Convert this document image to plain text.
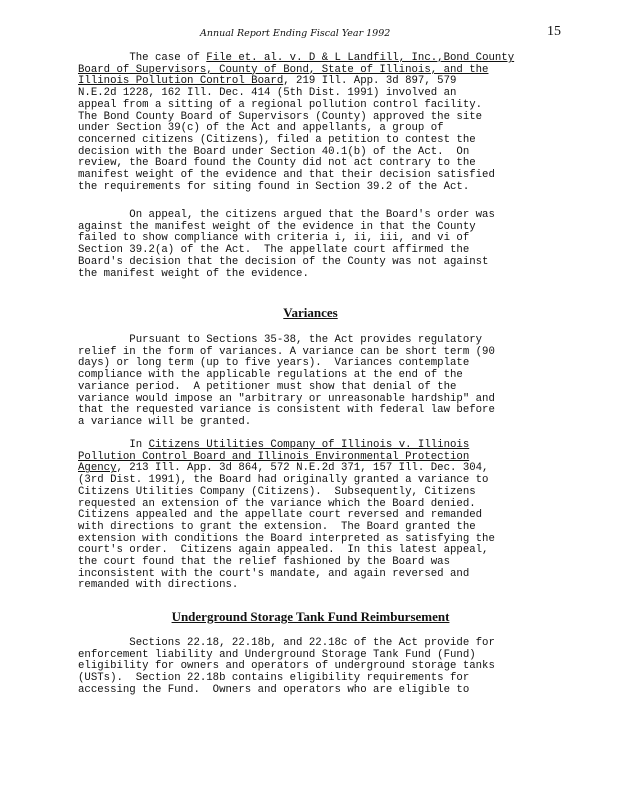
Annual Report Ending Fiscal Year 1992	15
The case of File et. al. v. D & L Landfill, Inc.,Bond County
Board of Supervisors, County of Bond, State of Illinois, and the
Illinois Pollution Control Board, 219 Ill. App. 3d 897, 579
N.E.2d 1228, 162 Ill. Dec. 414 (5th Dist. 1991) involved an
appeal from a sitting of a regional pollution control facility.
The Bond County Board of Supervisors (County) approved the site
under Section 39(c) of the Act and appellants, a group of
concerned citizens (Citizens), filed a petition to contest the
decision with the Board under Section 40.1(b) of the Act.  On
review, the Board found the County did not act contrary to the
manifest weight of the evidence and that their decision satisfied
the requirements for siting found in Section 39.2 of the Act.
On appeal, the citizens argued that the Board's order was
against the manifest weight of the evidence in that the County
failed to show compliance with criteria i, ii, iii, and vi of
Section 39.2(a) of the Act.  The appellate court affirmed the
Board's decision that the decision of the County was not against
the manifest weight of the evidence.
Variances
Pursuant to Sections 35-38, the Act provides regulatory
relief in the form of variances. A variance can be short term (90
days) or long term (up to five years).  Variances contemplate
compliance with the applicable regulations at the end of the
variance period.  A petitioner must show that denial of the
variance would impose an "arbitrary or unreasonable hardship" and
that the requested variance is consistent with federal law before
a variance will be granted.
In Citizens Utilities Company of Illinois v. Illinois
Pollution Control Board and Illinois Environmental Protection
Agency, 213 Ill. App. 3d 864, 572 N.E.2d 371, 157 Ill. Dec. 304,
(3rd Dist. 1991), the Board had originally granted a variance to
Citizens Utilities Company (Citizens).  Subsequently, Citizens
requested an extension of the variance which the Board denied.
Citizens appealed and the appellate court reversed and remanded
with directions to grant the extension.  The Board granted the
extension with conditions the Board interpreted as satisfying the
court's order.  Citizens again appealed.  In this latest appeal,
the court found that the relief fashioned by the Board was
inconsistent with the court's mandate, and again reversed and
remanded with directions.
Underground Storage Tank Fund Reimbursement
Sections 22.18, 22.18b, and 22.18c of the Act provide for
enforcement liability and Underground Storage Tank Fund (Fund)
eligibility for owners and operators of underground storage tanks
(USTs).  Section 22.18b contains eligibility requirements for
accessing the Fund.  Owners and operators who are eligible to
